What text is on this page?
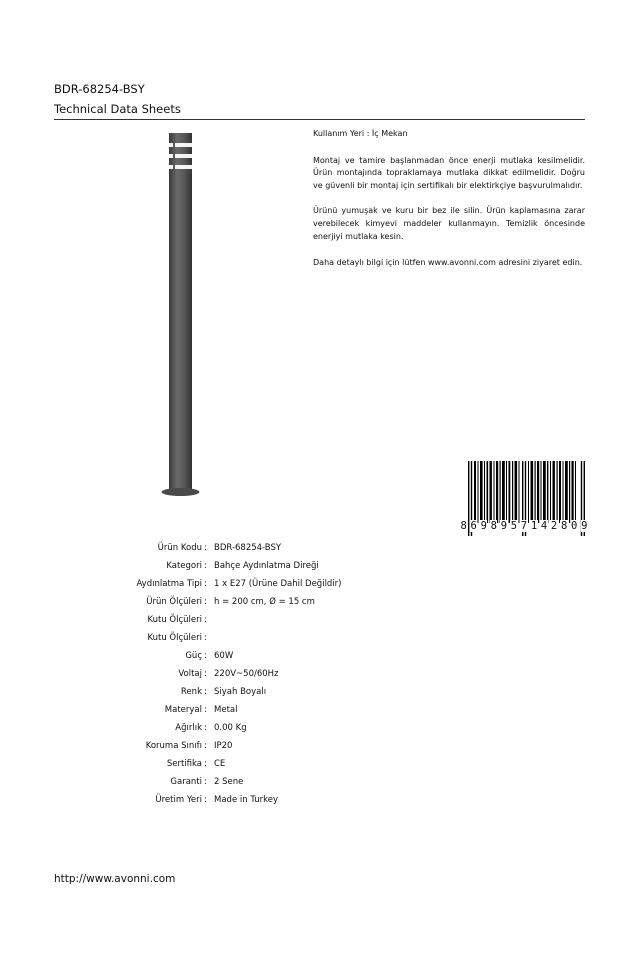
BDR-68254-BSY
Technical Data Sheets

Kullanım Yeri : İç Mekan

Montaj ve tamire başlanmadan önce enerji mutlaka kesilmelidir. Ürün montajında topraklamaya mutlaka dikkat edilmelidir. Doğru ve güvenli bir montaj için sertifikalı bir elektirkçiye başvurulmalıdır.

Ürünü yumuşak ve kuru bir bez ile silin. Ürün kaplamasına zarar verebilecek kimyevi maddeler kullanmayın. Temizlik öncesinde enerjiyi mutlaka kesin.

Daha detaylı bilgi için lütfen www.avonni.com adresini ziyaret edin.

8 6 9 8 9 5 7 1 4 2 8 0 9
Ürün Kodu : BDR-68254-BSY
Kategori : Bahçe Aydınlatma Direği
Aydınlatma Tipi : 1 x E27 (Ürüne Dahil Değildir)
Ürün Ölçüleri : h = 200 cm, Ø = 15 cm
Kutu Ölçüleri :
Kutu Ölçüleri :
Güç : 60W
Voltaj : 220V~50/60Hz
Renk : Siyah Boyalı
Materyal : Metal
Ağırlık : 0.00 Kg
Koruma Sınıfı : IP20
Sertifika : CE
Garanti : 2 Sene
Üretim Yeri : Made in Turkey
http://www.avonni.com
